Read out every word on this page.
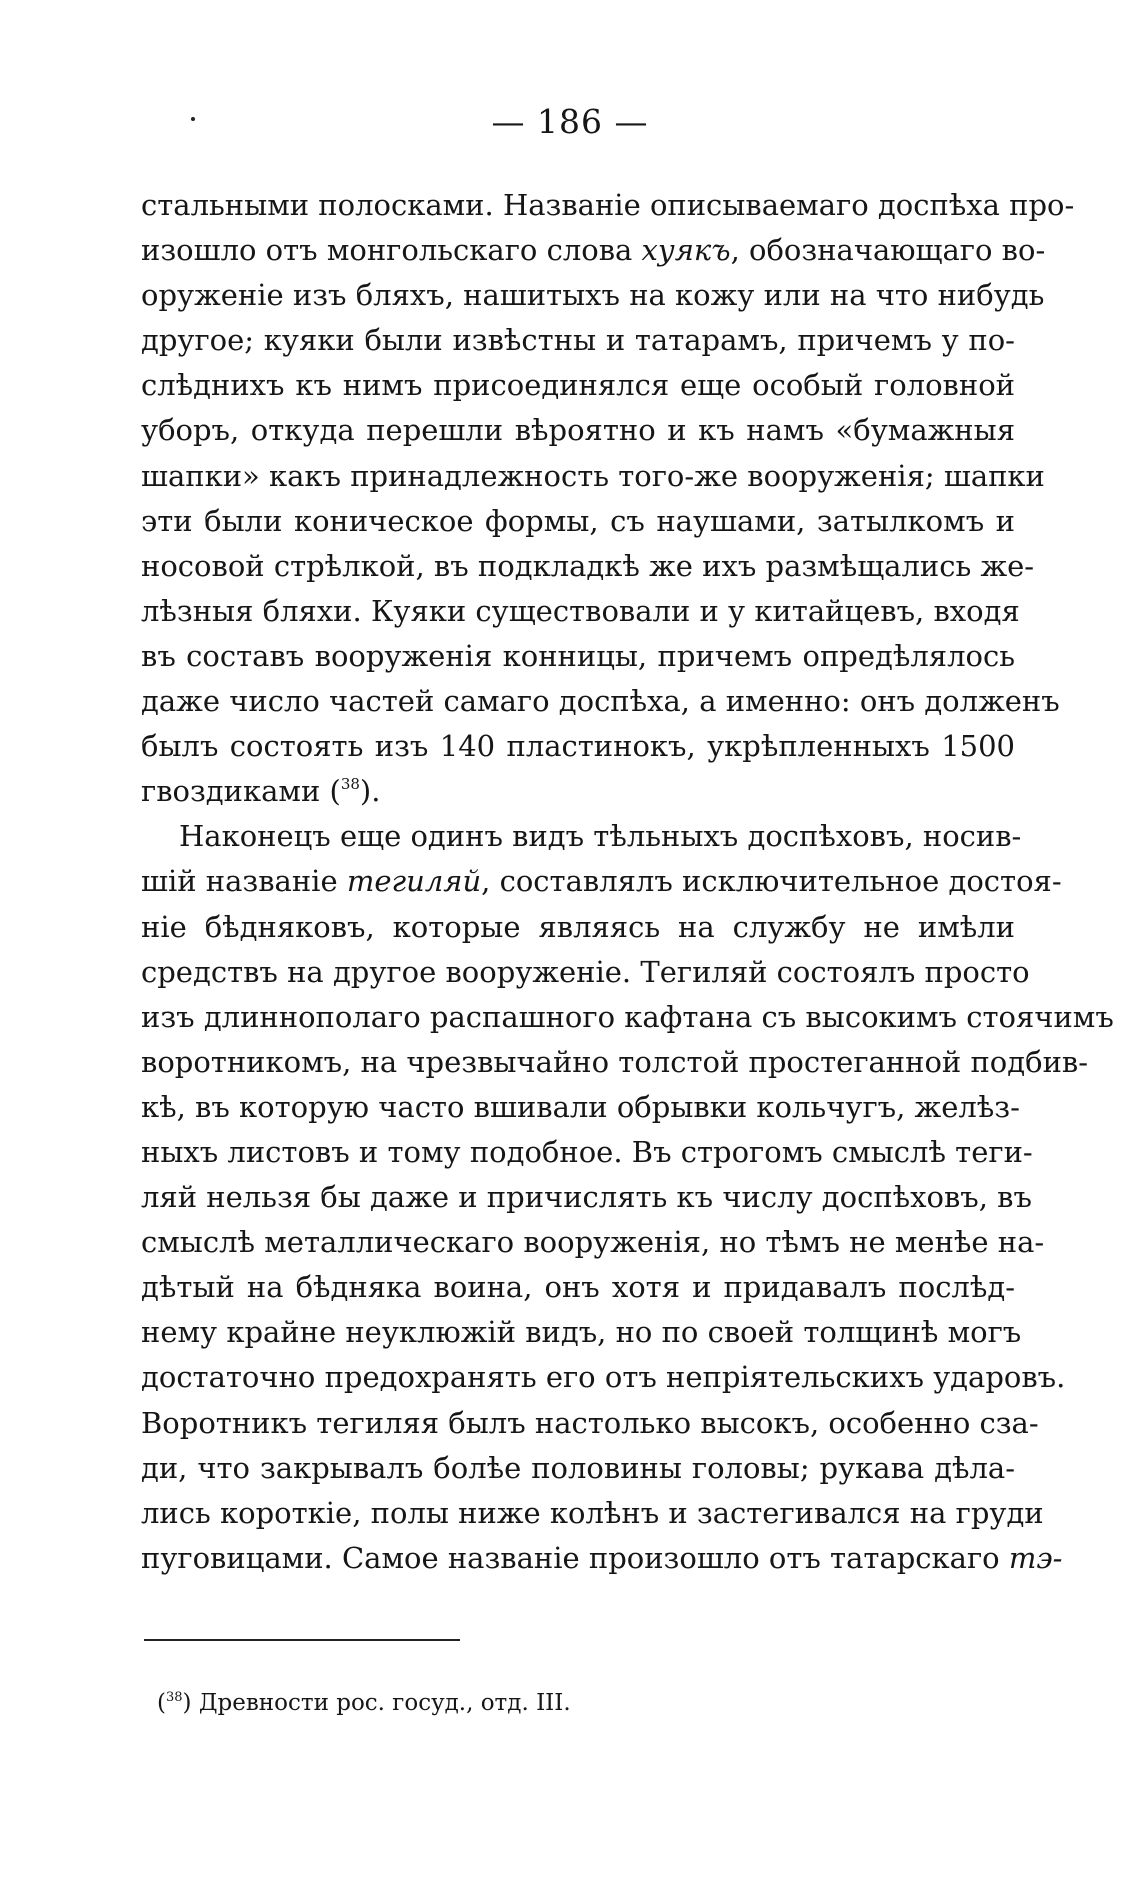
— 186 —
стальными полосками. Названіе описываемаго доспѣха про-
изошло отъ монгольскаго слова хуякъ, обозначающаго во-
оруженіе изъ бляхъ, нашитыхъ на кожу или на что нибудь
другое; куяки были извѣстны и татарамъ, причемъ у по-
слѣднихъ къ нимъ присоединялся еще особый головной
уборъ, откуда перешли вѣроятно и къ намъ «бумажныя
шапки» какъ принадлежность того-же вооруженія; шапки
эти были коническое формы, съ наушами, затылкомъ и
носовой стрѣлкой, въ подкладкѣ же ихъ размѣщались же-
лѣзныя бляхи. Куяки существовали и у китайцевъ, входя
въ составъ вооруженія конницы, причемъ опредѣлялось
даже число частей самаго доспѣха, а именно: онъ долженъ
былъ состоять изъ 140 пластинокъ, укрѣпленныхъ 1500
гвоздиками ($^{38}$).
Наконецъ еще одинъ видъ тѣльныхъ доспѣховъ, носив-
шій названіе тегиляй, составлялъ исключительное достоя-
ніе бѣдняковъ, которые являясь на службу не имѣли
средствъ на другое вооруженіе. Тегиляй состоялъ просто
изъ длиннополаго распашного кафтана съ высокимъ стоячимъ
воротникомъ, на чрезвычайно толстой простеганной подбив-
кѣ, въ которую часто вшивали обрывки кольчугъ, желѣз-
ныхъ листовъ и тому подобное. Въ строгомъ смыслѣ теги-
ляй нельзя бы даже и причислять къ числу доспѣховъ, въ
смыслѣ металлическаго вооруженія, но тѣмъ не менѣе на-
дѣтый на бѣдняка воина, онъ хотя и придавалъ послѣд-
нему крайне неуклюжій видъ, но по своей толщинѣ могъ
достаточно предохранять его отъ непріятельскихъ ударовъ.
Воротникъ тегиляя былъ настолько высокъ, особенно сза-
ди, что закрывалъ болѣе половины головы; рукава дѣла-
лись короткіе, полы ниже колѣнъ и застегивался на груди
пуговицами. Самое названіе произошло отъ татарскаго тэ-
($^{38}$) Древности рос. госуд., отд. III.
